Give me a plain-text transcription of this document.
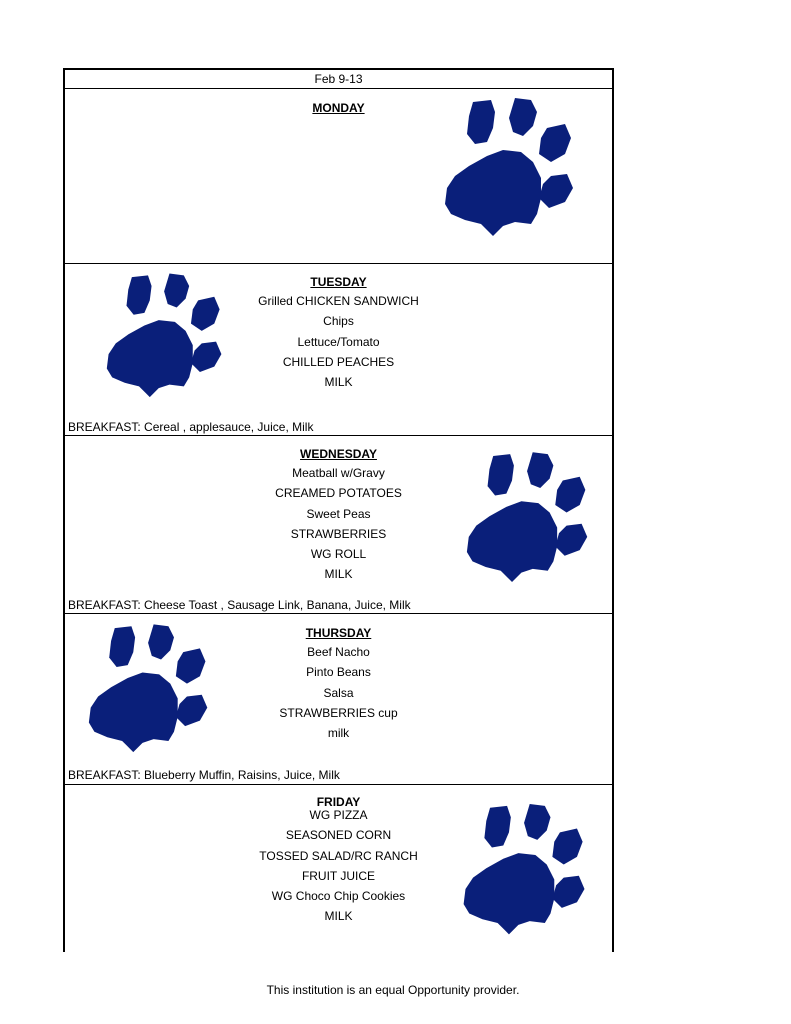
Feb 9-13
MONDAY
TUESDAY
Grilled CHICKEN SANDWICH
Chips
Lettuce/Tomato
CHILLED PEACHES
MILK
BREAKFAST: Cereal , applesauce, Juice, Milk
WEDNESDAY
Meatball w/Gravy
CREAMED POTATOES
Sweet Peas
STRAWBERRIES
WG ROLL
MILK
BREAKFAST: Cheese Toast , Sausage Link, Banana, Juice, Milk
THURSDAY
Beef Nacho
Pinto Beans
Salsa
STRAWBERRIES cup
milk
BREAKFAST: Blueberry Muffin, Raisins, Juice, Milk
FRIDAY
WG PIZZA
SEASONED CORN
TOSSED SALAD/RC RANCH
FRUIT JUICE
WG Choco Chip Cookies
MILK
This institution is an equal Opportunity provider.
